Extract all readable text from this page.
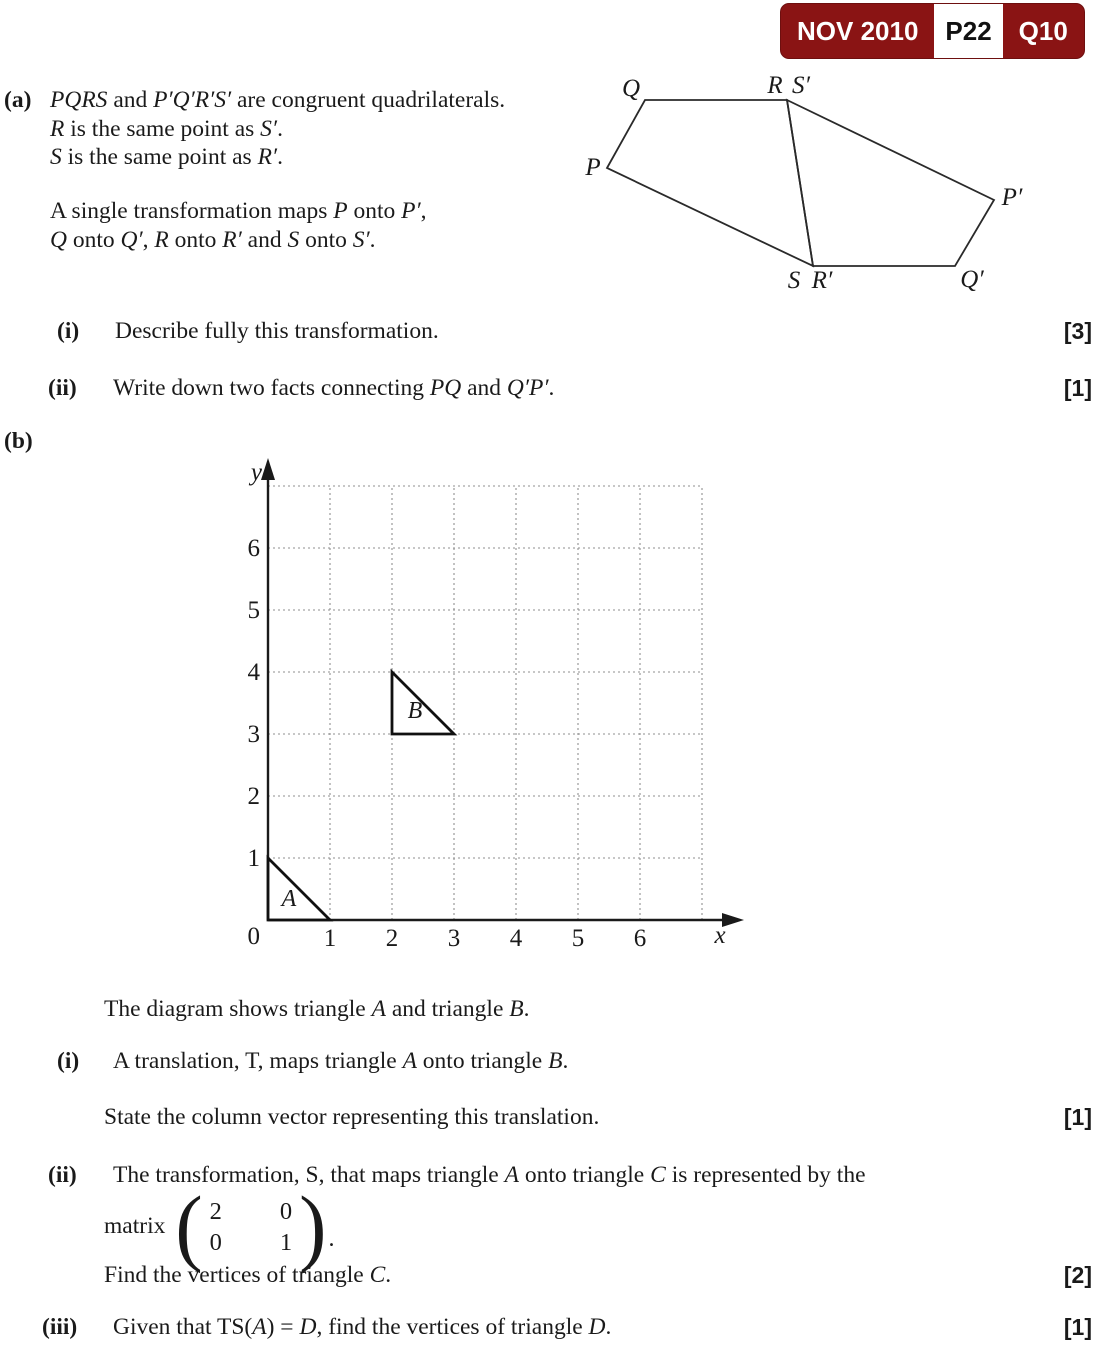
NOV 2010	P22	Q10
(a) PQRS and P′Q′R′S′ are congruent quadrilaterals.
R is the same point as S′.
S is the same point as R′.
A single transformation maps P onto P′,
Q onto Q′, R onto R′ and S onto S′.
P
Q	R S′
S R′	Q′
P′
(i) Describe fully this transformation.	[3]
(ii) Write down two facts connecting PQ and Q′P′.	[1]
(b)
A
B
0	1 2 3 4 5 6
1
2
3
4
5
6
x
y
The diagram shows triangle A and triangle B.
(i) A translation, T, maps triangle A onto triangle B.
State the column vector representing this translation.	[1]
(ii) The transformation, S, that maps triangle A onto triangle C is represented by the
matrix ( 2 0
0 1 ) .
Find the vertices of triangle C.	[2]
(iii) Given that TS(A) = D, find the vertices of triangle D.	[1]
